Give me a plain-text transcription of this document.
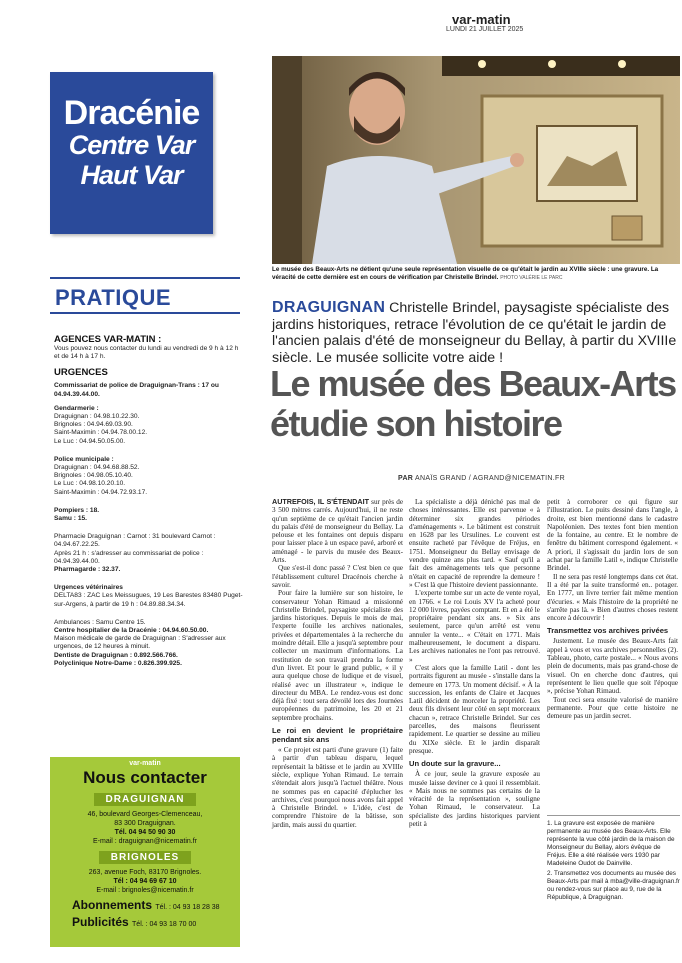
var-matin
LUNDI 21 JUILLET 2025
Dracénie
Centre Var
Haut Var
PRATIQUE
AGENCES VAR-MATIN :

Vous pouvez nous contacter du lundi au vendredi de 9 h à 12 h et de 14 h à 17 h.

URGENCES

Commissariat de police de Draguignan-Trans : 17 ou 04.94.39.44.00.

Gendarmerie :
Draguignan : 04.98.10.22.30.
Brignoles : 04.94.69.03.90.
Saint-Maximin : 04.94.78.00.12.
Le Luc : 04.94.50.05.00.
Police municipale :
Draguignan : 04.94.68.88.52.
Brignoles : 04.98.05.10.40.
Le Luc : 04.98.10.20.10.
Saint-Maximin : 04.94.72.93.17.
Pompiers : 18.
Samu : 15.
Pharmacie Draguignan : Carnot : 31 boulevard Carnot : 04.94.67.22.25.
Après 21 h : s'adresser au commissariat de police : 04.94.39.44.00.
Pharmagarde : 32.37.
Urgences vétérinaires
DELTA83 : ZAC Les Meissugues, 19 Les Barestes 83480 Puget-sur-Argens, à partir de 19 h : 04.89.88.34.34.
Ambulances : Samu Centre 15.
Centre hospitalier de la Dracénie : 04.94.60.50.00.
Maison médicale de garde de Draguignan : S'adresser aux urgences, de 12 heures à minuit.
Dentiste de Draguignan : 0.892.566.766.
Polyclinique Notre-Dame : 0.826.399.925.
var-matin
Nous contacter
DRAGUIGNAN
46, boulevard Georges-Clemenceau,
83 300 Draguignan.
Tél. 04 94 50 90 30
E-mail : draguignan@nicematin.fr
BRIGNOLES
263, avenue Foch, 83170 Brignoles.
Tél : 04 94 69 67 10
E-mail : brignoles@nicematin.fr
Abonnements Tél. : 04 93 18 28 38
Publicités Tél. : 04 93 18 70 00
Le musée des Beaux-Arts ne détient qu'une seule représentation visuelle de ce qu'était le jardin au XVIIIe siècle : une gravure. La véracité de cette dernière est en cours de vérification par Christelle Brindel. PHOTO VALÉRIE LE PARC
DRAGUIGNAN Christelle Brindel, paysagiste spécialiste des jardins historiques, retrace l'évolution de ce qu'était le jardin de l'ancien palais d'été de monseigneur du Bellay, à partir du XVIIIe siècle. Le musée sollicite votre aide !
Le musée des Beaux-Arts
étudie son histoire
PAR ANAÏS GRAND / AGRAND@NICEMATIN.FR

AUTREFOIS, IL S'ÉTENDAIT sur près de 3 500 mètres carrés. Aujourd'hui, il ne reste qu'un septième de ce qu'était l'ancien jardin du palais d'été de monseigneur du Bellay. La pelouse et les fontaines ont depuis disparu pour laisser place à un espace pavé, arboré et aménagé - le parvis du musée des Beaux-Arts.

Que s'est-il donc passé ? C'est bien ce que l'établissement culturel Dracénois cherche à savoir.

Pour faire la lumière sur son histoire, le conservateur Yohan Rimaud a missionné Christelle Brindel, paysagiste spécialiste des jardins historiques. Depuis le mois de mai, l'experte fouille les archives nationales, privées et départementales à la recherche du moindre détail. Elle a jusqu'à septembre pour collecter un maximum d'informations. La restitution de son travail prendra la forme d'un livret. Et pour le grand public, « il y aura quelque chose de ludique et de visuel, réalisé avec un illustrateur », indique le directeur du MBA. Le rendez-vous est donc déjà fixé : tout sera dévoilé lors des Journées européennes du patrimoine, les 20 et 21 septembre prochains.

Le roi en devient le propriétaire pendant six ans

« Ce projet est parti d'une gravure (1) faite à partir d'un tableau disparu, lequel représentait la bâtisse et le jardin au XVIIIe siècle, explique Yohan Rimaud. Le terrain s'étendait alors jusqu'à l'actuel théâtre. Nous ne sommes pas en capacité d'éplucher les archives, c'est pourquoi nous avons fait appel à Christelle Brindel. » L'idée, c'est de comprendre l'histoire de la bâtisse, son jardin, mais aussi du quartier.

La spécialiste a déjà déniché pas mal de choses intéressantes. Elle est parvenue « à déterminer six grandes périodes d'aménagements ». Le bâtiment est construit en 1628 par les Ursulines. Le couvent est ensuite racheté par l'évêque de Fréjus, en 1751. Monseigneur du Bellay envisage de vendre quinze ans plus tard. « Sauf qu'il a fait des aménagements tels que personne n'était en capacité de reprendre la demeure ! » C'est là que l'histoire devient passionnante.

L'experte tombe sur un acte de vente royal, en 1766. « Le roi Louis XV l'a acheté pour 12 000 livres, payées comptant. Et en a été le propriétaire pendant six ans. » Six ans seulement, parce qu'un arrêté est venu annuler la vente... « C'était en 1771. Mais malheureusement, le document a disparu. Les archives nationales ne l'ont pas retrouvé. »

C'est alors que la famille Latil - dont les portraits figurent au musée - s'installe dans la demeure en 1773. Un moment décisif. « À la succession, les enfants de Claire et Jacques Latil décident de morceler la propriété. Les deux fils divisent leur côté en sept morceaux chacun », retrace Christelle Brindel. Sur ces parcelles, des maisons fleurissent rapidement. Le quartier se dessine au milieu du XIXe siècle. Et le jardin disparaît presque.

Un doute sur la gravure...

À ce jour, seule la gravure exposée au musée laisse deviner ce à quoi il ressemblait. « Mais nous ne sommes pas certains de la véracité de la représentation », souligne Yohan Rimaud, le conservateur. La spécialiste des jardins historiques parvient petit à

petit à corroborer ce qui figure sur l'illustration. Le puits dessiné dans l'angle, à droite, est bien mentionné dans le cadastre Napoléonien. Des textes font bien mention de la fontaine, au centre. Et le nombre de fenêtre du bâtiment correspond également. « A priori, il s'agissait du jardin lors de son achat par la famille Latil », indique Christelle Brindel.

Il ne sera pas resté longtemps dans cet état. Il a été par la suite transformé en.. potager. En 1777, un livre terrier fait même mention d'écuries. « Mais l'histoire de la propriété ne s'arrête pas là. » Bien d'autres choses restent encore à découvrir !

Transmettez vos archives privées

Justement. Le musée des Beaux-Arts fait appel à vous et vos archives personnelles (2). Tableau, photo, carte postale... « Nous avons plein de documents, mais pas grand-chose de visuel. On en cherche donc d'autres, qui représentent le lieu quelle que soit l'époque », précise Yohan Rimaud.

Tout ceci sera ensuite valorisé de manière permanente. Pour que cette histoire ne demeure pas un jardin secret.

1. La gravure est exposée de manière permanente au musée des Beaux-Arts. Elle représente la vue côté jardin de la maison de Monseigneur du Bellay, alors évêque de Fréjus. Elle a été réalisée vers 1930 par Madeleine Oudot de Dainville.

2. Transmettez vos documents au musée des Beaux-Arts par mail à mba@ville-draguignan.fr ou rendez-vous sur place au 9, rue de la République, à Draguignan.
